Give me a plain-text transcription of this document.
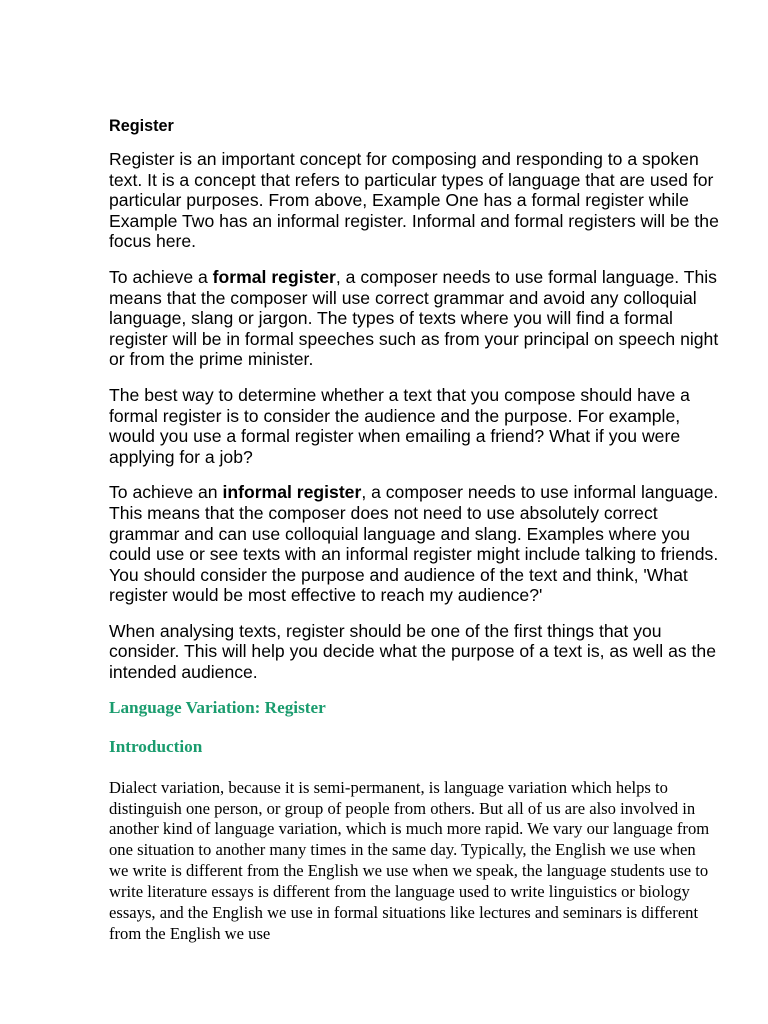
Register

Register is an important concept for composing and responding to a spoken text. It is a concept that refers to particular types of language that are used for particular purposes. From above, Example One has a formal register while Example Two has an informal register. Informal and formal registers will be the focus here.

To achieve a formal register, a composer needs to use formal language. This means that the composer will use correct grammar and avoid any colloquial language, slang or jargon. The types of texts where you will find a formal register will be in formal speeches such as from your principal on speech night or from the prime minister.

The best way to determine whether a text that you compose should have a formal register is to consider the audience and the purpose. For example, would you use a formal register when emailing a friend? What if you were applying for a job?

To achieve an informal register, a composer needs to use informal language. This means that the composer does not need to use absolutely correct grammar and can use colloquial language and slang. Examples where you could use or see texts with an informal register might include talking to friends. You should consider the purpose and audience of the text and think, 'What register would be most effective to reach my audience?'

When analysing texts, register should be one of the first things that you consider. This will help you decide what the purpose of a text is, as well as the intended audience.

Language Variation: Register
Introduction

Dialect variation, because it is semi-permanent, is language variation which helps to distinguish one person, or group of people from others. But all of us are also involved in another kind of language variation, which is much more rapid. We vary our language from one situation to another many times in the same day. Typically, the English we use when we write is different from the English we use when we speak, the language students use to write literature essays is different from the language used to write linguistics or biology essays, and the English we use in formal situations like lectures and seminars is different from the English we use
